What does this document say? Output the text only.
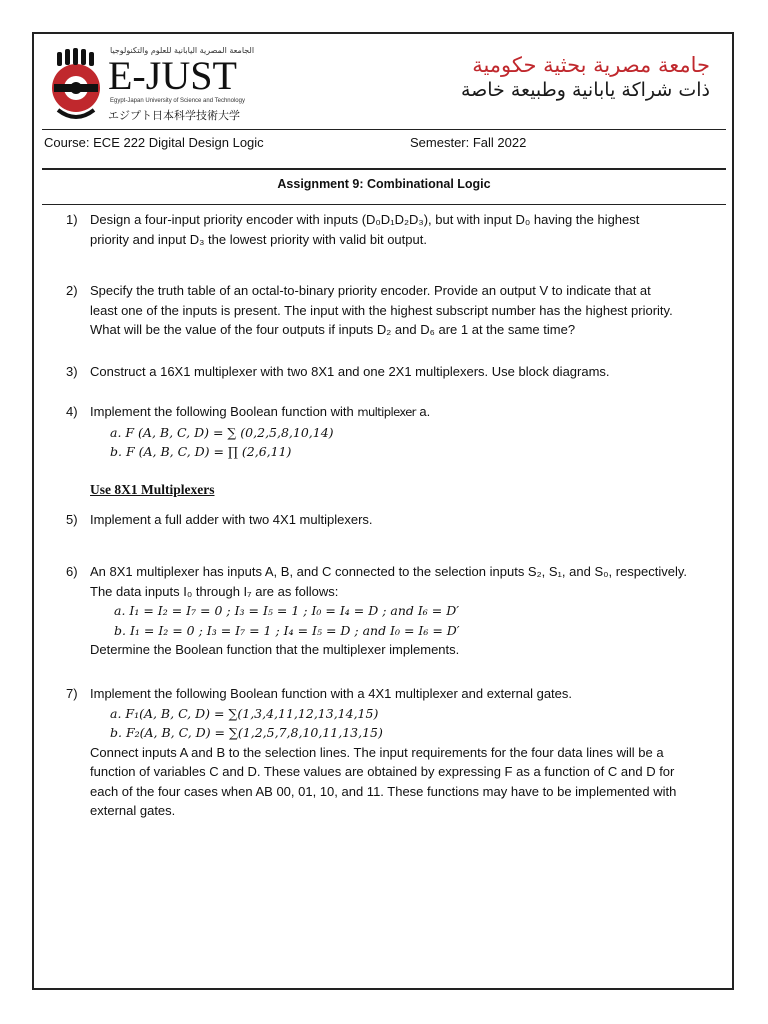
الجامعة المصرية اليابانية للعلوم والتكنولوجيا
E-JUST
Egypt-Japan University of Science and Technology
エジプト日本科学技術大学
جامعة مصرية بحثية حكومية
ذات شراكة يابانية وطبيعة خاصة
Course: ECE 222 Digital Design Logic	Semester: Fall 2022
Assignment 9: Combinational Logic
1) Design a four-input priority encoder with inputs (D₀D₁D₂D₃), but with input D₀ having the highest
priority and input D₃ the lowest priority with valid bit output.
2) Specify the truth table of an octal-to-binary priority encoder. Provide an output V to indicate that at
least one of the inputs is present. The input with the highest subscript number has the highest priority.
What will be the value of the four outputs if inputs D₂ and D₆ are 1 at the same time?
3) Construct a 16X1 multiplexer with two 8X1 and one 2X1 multiplexers. Use block diagrams.
4) Implement the following Boolean function with multiplexer a.
a. F (A, B, C, D) = ∑ (0,2,5,8,10,14)
b. F (A, B, C, D) = ∏ (2,6,11)
Use 8X1 Multiplexers
5) Implement a full adder with two 4X1 multiplexers.
6) An 8X1 multiplexer has inputs A, B, and C connected to the selection inputs S₂, S₁, and S₀, respectively.
The data inputs I₀ through I₇ are as follows:
a. I₁ = I₂ = I₇ = 0 ; I₃ = I₅ = 1 ; I₀ = I₄ = D ; and I₆ = D′
b. I₁ = I₂ = 0 ; I₃ = I₇ = 1 ; I₄ = I₅ = D ; and I₀ = I₆ = D′
Determine the Boolean function that the multiplexer implements.
7) Implement the following Boolean function with a 4X1 multiplexer and external gates.
a. F₁(A, B, C, D) = ∑(1,3,4,11,12,13,14,15)
b. F₂(A, B, C, D) = ∑(1,2,5,7,8,10,11,13,15)
Connect inputs A and B to the selection lines. The input requirements for the four data lines will be a
function of variables C and D. These values are obtained by expressing F as a function of C and D for
each of the four cases when AB 00, 01, 10, and 11. These functions may have to be implemented with
external gates.
